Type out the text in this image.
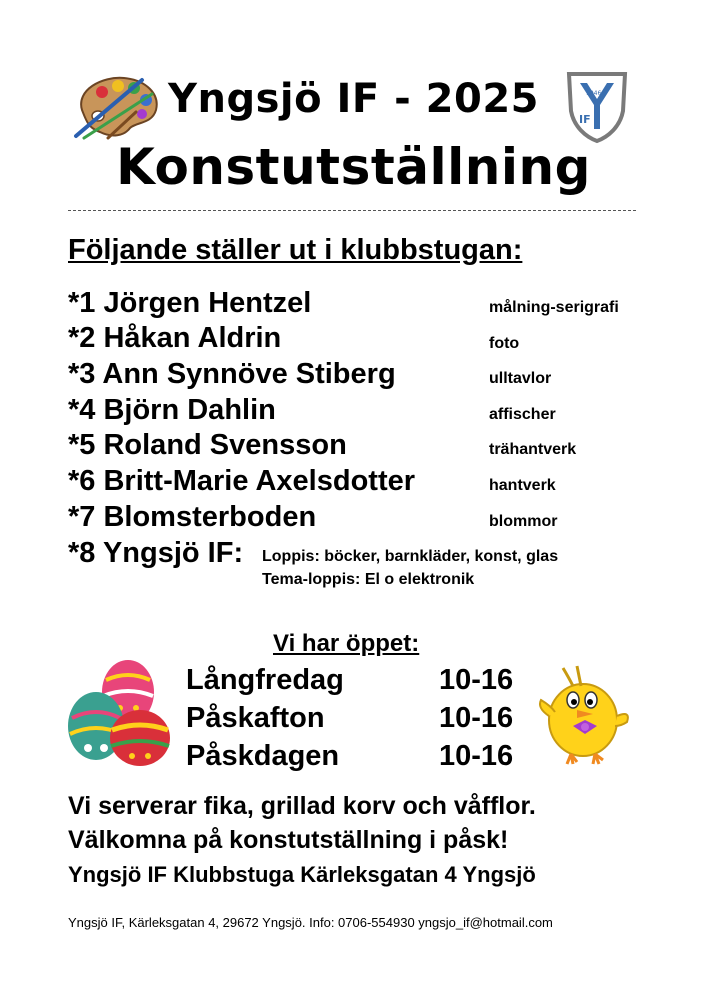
Yngsjö IF - 2025	1946
IF
Konstutställning
Följande ställer ut i klubbstugan:
*1 Jörgen Hentzel	målning-serigrafi
*2 Håkan Aldrin	foto
*3 Ann Synnöve Stiberg	ulltavlor
*4 Björn Dahlin	affischer
*5 Roland Svensson	trähantverk
*6 Britt-Marie Axelsdotter	hantverk
*7 Blomsterboden	blommor
*8 Yngsjö IF: Loppis: böcker, barnkläder, konst, glas
Tema-loppis: El o elektronik
Vi har öppet:
Långfredag	10-16
Påskafton	10-16
Påskdagen	10-16
Vi serverar fika, grillad korv och våfflor.
Välkomna på konstutställning i påsk!
Yngsjö IF Klubbstuga Kärleksgatan 4 Yngsjö
Yngsjö IF, Kärleksgatan 4, 29672 Yngsjö. Info: 0706-554930 yngsjo_if@hotmail.com
